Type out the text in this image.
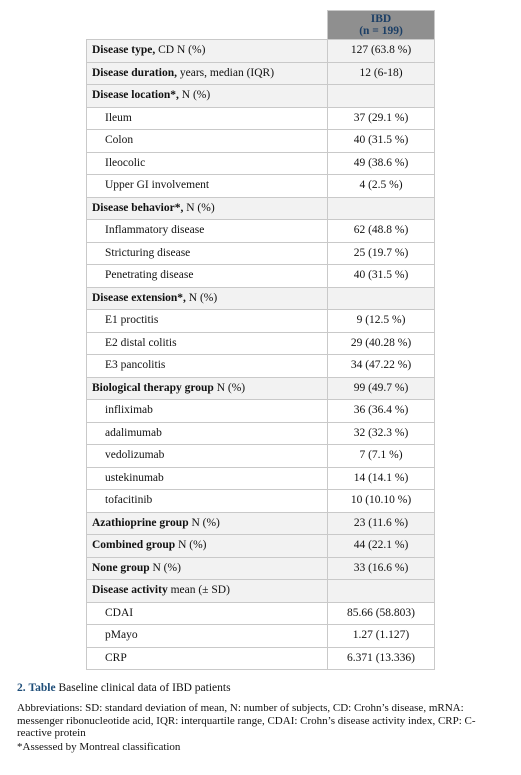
	IBD
(n = 199)
Disease type, CD N (%)	127 (63.8 %)
Disease duration, years, median (IQR)	12 (6-18)
Disease location*, N (%)	
Ileum	37 (29.1 %)
Colon	40 (31.5 %)
Ileocolic	49 (38.6 %)
Upper GI involvement	4 (2.5 %)
Disease behavior*, N (%)	
Inflammatory disease	62 (48.8 %)
Stricturing disease	25 (19.7 %)
Penetrating disease	40 (31.5 %)
Disease extension*, N (%)	
E1 proctitis	9 (12.5 %)
E2 distal colitis	29 (40.28 %)
E3 pancolitis	34 (47.22 %)
Biological therapy group N (%)	99 (49.7 %)
infliximab	36 (36.4 %)
adalimumab	32 (32.3 %)
vedolizumab	7 (7.1 %)
ustekinumab	14 (14.1 %)
tofacitinib	10 (10.10 %)
Azathioprine group N (%)	23 (11.6 %)
Combined group N (%)	44 (22.1 %)
None group N (%)	33 (16.6 %)
Disease activity mean (± SD)	
CDAI	85.66 (58.803)
pMayo	1.27 (1.127)
CRP	6.371 (13.336)
2. Table Baseline clinical data of IBD patients
Abbreviations: SD: standard deviation of mean, N: number of subjects, CD: Crohn’s disease, mRNA: messenger ribonucleotide acid, IQR: interquartile range, CDAI: Crohn’s disease activity index, CRP: C-reactive protein
*Assessed by Montreal classification
